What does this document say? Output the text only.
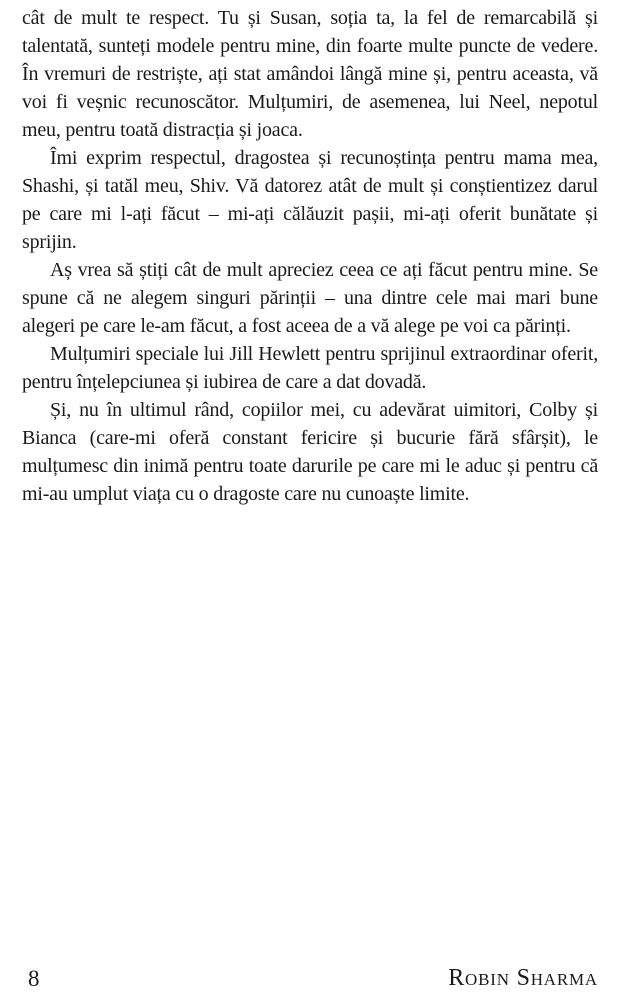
cât de mult te respect. Tu și Susan, soția ta, la fel de remarcabilă și talentată, sunteți modele pentru mine, din foarte multe puncte de vedere. În vremuri de restriște, ați stat amândoi lângă mine și, pentru aceasta, vă voi fi veșnic recunoscător. Mulțumiri, de asemenea, lui Neel, nepotul meu, pentru toată distracția și joaca.

Îmi exprim respectul, dragostea și recunoștința pentru mama mea, Shashi, și tatăl meu, Shiv. Vă datorez atât de mult și conștientizez darul pe care mi l-ați făcut – mi-ați călăuzit pașii, mi-ați oferit bunătate și sprijin.

Aș vrea să știți cât de mult apreciez ceea ce ați făcut pentru mine. Se spune că ne alegem singuri părinții – una dintre cele mai mari bune alegeri pe care le-am făcut, a fost aceea de a vă alege pe voi ca părinți.

Mulțumiri speciale lui Jill Hewlett pentru sprijinul extraordinar oferit, pentru înțelepciunea și iubirea de care a dat dovadă.

Și, nu în ultimul rând, copiilor mei, cu adevărat uimitori, Colby și Bianca (care-mi oferă constant fericire și bucurie fără sfârșit), le mulțumesc din inimă pentru toate darurile pe care mi le aduc și pentru că mi-au umplut viața cu o dragoste care nu cunoaște limite.

8	Robin Sharma
